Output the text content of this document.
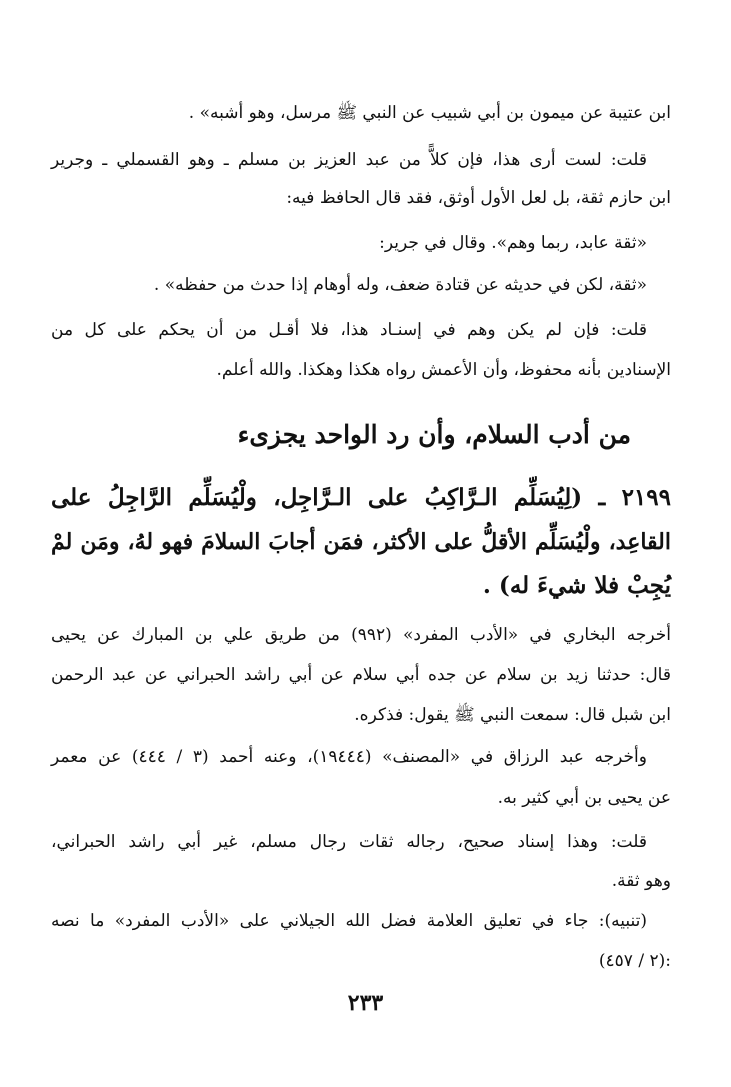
ابن عتيبة عن ميمون بن أبي شبيب عن النبي ﷺ مرسل، وهو أشبه» .
قلت: لست أرى هذا، فإن كلاًّ من عبد العزيز بن مسلم ـ وهو القسملي ـ وجرير
ابن حازم ثقة، بل لعل الأول أوثق، فقد قال الحافظ فيه:
«ثقة عابد، ربما وهم». وقال في جرير:
«ثقة، لكن في حديثه عن قتادة ضعف، وله أوهام إذا حدث من حفظه» .
قلت: فإن لم يكن وهم في إسنـاد هذا، فلا أقـل من أن يحكم على كل من
الإسنادين بأنه محفوظ، وأن الأعمش رواه هكذا وهكذا. والله أعلم.
من أدب السلام، وأن رد الواحد يجزىء
٢١٩٩ ـ (لِيُسَلِّم الـرَّاكِبُ على الـرَّاجِل، ولْيُسَلِّم الرَّاجِلُ على
القاعِد، ولْيُسَلِّم الأقلُّ على الأكثر، فمَن أجابَ السلامَ فهو لهُ، ومَن لمْ
يُجِبْ فلا شيءَ له) .
أخرجه البخاري في «الأدب المفرد» (٩٩٢) من طريق علي بن المبارك عن يحيى
قال: حدثنا زيد بن سلام عن جده أبي سلام عن أبي راشد الحبراني عن عبد الرحمن
ابن شبل قال: سمعت النبي ﷺ يقول: فذكره.
وأخرجه عبد الرزاق في «المصنف» (١٩٤٤٤)، وعنه أحمد (٣ / ٤٤٤) عن معمر
عن يحيى بن أبي كثير به.
قلت: وهذا إسناد صحيح، رجاله ثقات رجال مسلم، غير أبي راشد الحبراني،
وهو ثقة.
(تنبيه): جاء في تعليق العلامة فضل الله الجيلاني على «الأدب المفرد» ما نصه
(٢ / ٤٥٧):
٢٣٣
